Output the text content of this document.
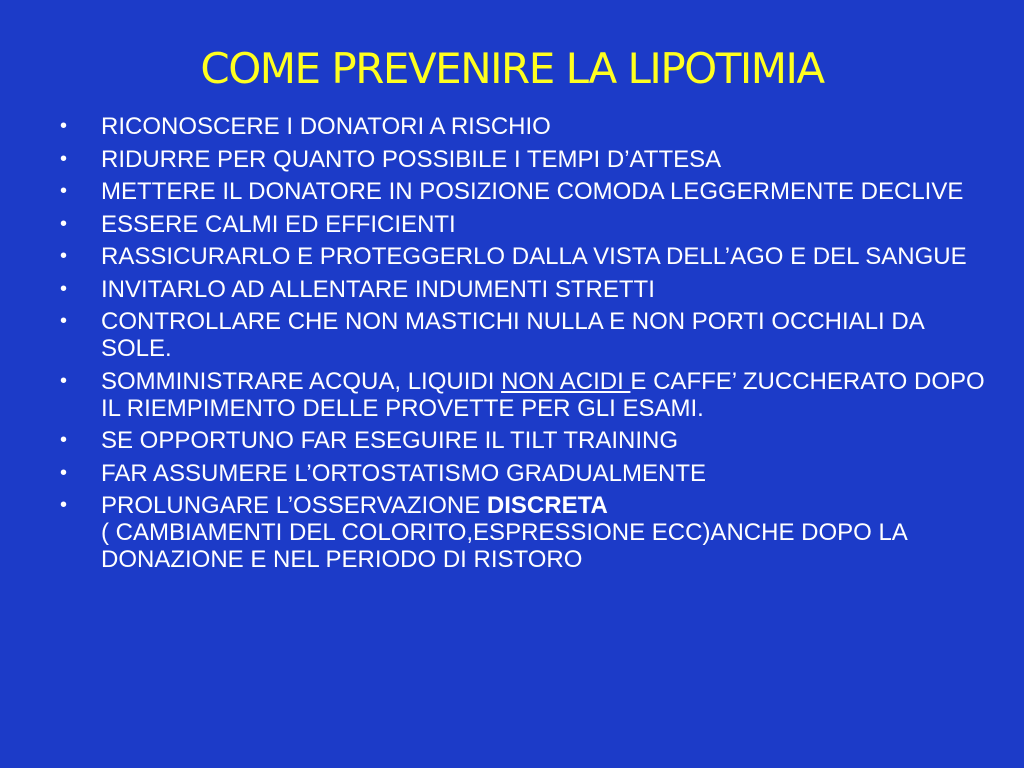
COME PREVENIRE LA LIPOTIMIA
• RICONOSCERE I DONATORI A RISCHIO
• RIDURRE PER QUANTO POSSIBILE I TEMPI D’ATTESA
• METTERE IL DONATORE IN POSIZIONE COMODA LEGGERMENTE DECLIVE
• ESSERE CALMI ED EFFICIENTI
• RASSICURARLO E PROTEGGERLO DALLA VISTA DELL’AGO E DEL SANGUE
• INVITARLO AD ALLENTARE INDUMENTI STRETTI
• CONTROLLARE CHE NON MASTICHI NULLA E NON PORTI OCCHIALI DA SOLE.
• SOMMINISTRARE ACQUA, LIQUIDI NON ACIDI E CAFFE’ ZUCCHERATO DOPO IL RIEMPIMENTO DELLE PROVETTE PER GLI ESAMI.
• SE OPPORTUNO FAR ESEGUIRE IL TILT TRAINING
• FAR ASSUMERE L’ORTOSTATISMO GRADUALMENTE
• PROLUNGARE L’OSSERVAZIONE DISCRETA
( CAMBIAMENTI DEL COLORITO,ESPRESSIONE ECC)ANCHE DOPO LA DONAZIONE E NEL PERIODO DI RISTORO
